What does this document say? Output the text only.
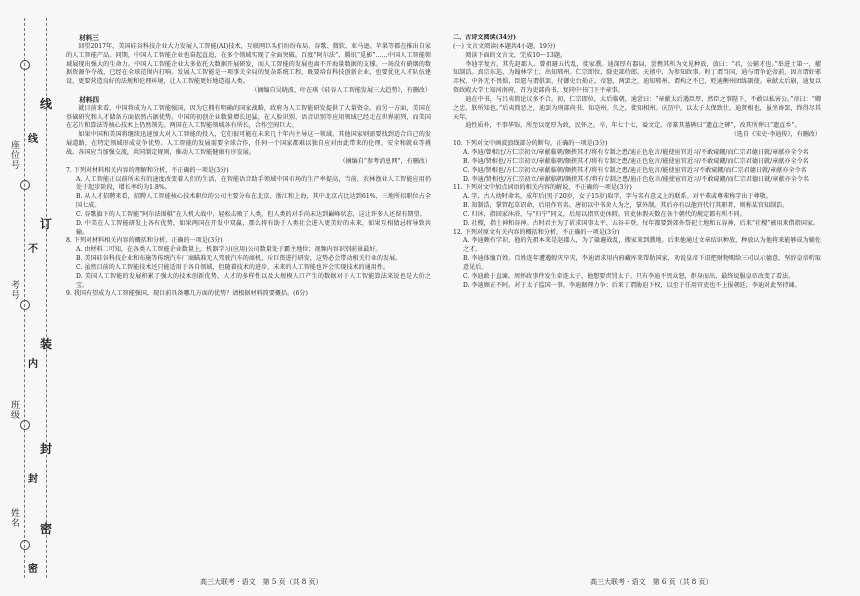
姓名
班级
考号
座位号
线
订
装
封
密
线
不
内
封
密

材料三

回望2017年，美国硅谷科技企业大力发展人工智能(AI)技术，互联网巨头们纷纷布局，谷歌、微软、亚马逊、苹果等都在推出自家的人工智能产品。同期，中国人工智能企业也奋起直追，在多个领域实现了全面突破。百度“阿尔法”、腾讯“觅影”……中国人工智能领域展现出强大的生命力。中国人工智能企业大多依托大数据开展研发，而人工智能的发展也离不开海量数据的支撑。一场没有硝烟的数据资源争夺战，已经在全球范围内打响。发展人工智能是一项事关全局的复杂系统工程，既要培育科技创新企业，也要优化人才队伍建设，更要营造良好的法规和伦理环境，让人工智能更好地造福人类。

（摘编自吴晓波、叶在琪《硅谷人工智能发展三大趋势》，有删改）

材料四

就目前来看，中国将成为人工智能强国，因为它拥有明确的国家战略，政府为人工智能研发提供了大量资金。而另一方面，美国在基础研究和人才储备方面依然占据优势。中国的初创企业数量增长迅猛，在人脸识别、语音识别等应用领域已经走在世界前列，而美国在芯片和算法等核心技术上仍然领先。两国在人工智能领域各有所长，合作空间巨大。

如果中国和美国将继续迅速加大对人工智能的投入，它们很可能在未来几十年内主导这一领域。其他国家则需要找到适合自己的发展道路，在特定领域形成竞争优势。人工智能的发展需要全球合作，任何一个国家都难以独自应对由此带来的伦理、安全和就业等挑战。各国应当加强交流，共同制定规则，推动人工智能健康有序发展。

（摘编自“参考消息网”，有删改）

7. 下列对材料相关内容的理解和分析，不正确的一项是(3分)

A. 人工智能正以前所未有的速度改变着人们的生活，在智能语音助手领域中国市场的生产率提高，当前，农林渔业人工智能应用仍处于起步阶段，增长率约为1.8%。

B. 从人才招聘来看，招聘人工智能核心技术职位的公司主要分布在北京、浙江和上海，其中北京占比达到61%，三地所招职位占全国七成。

C. 谷歌旗下的人工智能“阿尔法围棋”在人机大战中，轻松击败了人类，但人类的对手尚未达到巅峰状态，这让许多人还留有期望。

D. 中美在人工智能研发上各有优势，如果两国在开发中双赢，那么将有助于人类社会进入更美好的未来，如果互相猜忌将导致共输。

8. 下列对材料相关内容的概括和分析，正确的一项是(3分)

A. 由材料二可知，在各类人工智能企业数量上，机器学习(应用)公司数量处于霸主地位；视频内容识别前景最好。

B. 美国硅谷科技企业和布施等传统汽车厂商瞄准无人驾驶汽车的商机，斥巨资进行研发，这势必会带动相关行业的发展。

C. 虽然目前的人工智能技术还只能适用于各自领域，但随着技术的进步，未来的人工智能也许会实现技术的通用性。

D. 美国人工智能的发展积累了强大的技术创新优势，人才的多样性以及大规模人口产生的数据对于人工智能算法来说也是大价之宝。

9. 我国有望成为人工智能强国，现目前具备哪几方面的优势？请根据材料简要概括。(6分)

二、古诗文阅读(34分)

(一) 文言文阅读(本题共4小题，19分)

阅读下面的文言文，完成10～13题。

李迪字复古，其先赵郡人。曾祖避五代乱，徙家濮。迪深厚有器局，尝携其所为文见种放，放曰：“君，公辅才也。”举进士第一，擢知制诰。真宗东巡，为翰林学士，出知郓州。仁宗即位，除吏部侍郎。天禧中，为参知政事。时丁谓当国，迪与谓争论帝前，因言谓奸邪弄权，中外无不畏惧，臣愿与谓俱罢，付御史台劾正。帝怒，两罢之，迪知郓州。谓构之不已，贬迪衡州团练副使。章献太后崩，迪复以资政殿大学士知河南府，召为吏部尚书，复同中书门下平章事。

迪在中书，与吕夷简论议多不合。初，仁宗即位，太后临朝，迪尝曰：“章献太后遇臣厚，然臣之事陛下，不敢以私害公。”帝曰：“卿之忠，朕所知也。”后夷简恶之，迪罢为刑部尚书、知亳州。久之，徙知相州。庆历中，以太子太保致仕。迪贤相也，虽坐谗罢，终得尽其天年。

迪性质朴，不事华饰，所至以宽厚为政，民怀之。卒，年七十七，谥文定。帝篆其墓碑曰“遗直之碑”，改其所葬曰“遗直乡”。

（选自《宋史·李迪传》，有删改）

10. 下列对文中画波浪线部分的断句，正确的一项是(3分)

A. 李迪/曾相比/方仁宗初立/章献临朝/颇挟其才/将有专制之患/迪正色危言/能使宦官近习/不敢窥觎/而仁宗君德日就/章献亦全令名

B. 李迪/贤相也/方仁宗初立/章献临朝/颇挟其才/将有专制之患/迪正色危言/能使宦官近习/不敢窥觎/而仁宗君德日就/章献亦全令名

C. 李迪/贤相也/方仁宗初立/章献临朝/颇挟其才/将有专制之患/迪正色危言/能使宦官近习不敢窥觎/而仁宗君德日就/章献亦全令名

D. 李迪/贤相也/方仁宗初立/章献临朝/颇挟其才/将有专制之患/迪正色危言/能使宦官近习/不敢窥觎/而仁宗君德日就/章献亦全令名

11. 下列对文中加点词语的相关内容的解说，不正确的一项是(3分)

A. 字，古人幼时命名，成年后(男子20岁，女子15岁)取字，字与名有意义上的联系。对平辈或尊辈称字出于尊敬。

B. 知制诰，掌管起草诏命，后用作官名。唐初以中书舍人为之，掌外制。其后亦有以他官代行其职者，则称某官知制诰。

C. 归沐，指回家沐浴，与“归宁”同义，后用以指官吏休假。官吏休假天数在各个朝代的规定都有所不同。

D. 社稷，指土神和谷神。古时君主为了祈求国事太平、五谷丰登，每年都要到郊外祭祀土地和五谷神，后来“社稷”被用来借指国家。

12. 下列对原文有关内容的概括和分析，不正确的一项是(3分)

A. 李迪颇有学识，他的先祖本来是赵郡人，为了躲避战乱，搬家来到濮地。后来他通过文章结识种放，种放认为他将来能够成为辅佐之才。

B. 李迪体恤百姓。百姓连年遭遇蝗灾旱灾，李迪请求用内府藏库来帮助国家，劝说皇帝下诏把财物赐给三司以示德意，坚辞皇帝听取意见后。

C. 李迪敢于直谏。周怀政事件发生牵连太子，他想要责罚太子。只有李迪不畏众怒，拒身而出，最终说服皇帝改变了看法。

D. 李迪顾正不阿。对于太子监国一事，李迪据理力争；后来丁谓胁迫下权，以至于任用官吏也不上报朝廷，李迪对此坚持谏。

高三大联考 · 语文　第 5 页（共 8 页）	高三大联考 · 语文　第 6 页（共 8 页）
